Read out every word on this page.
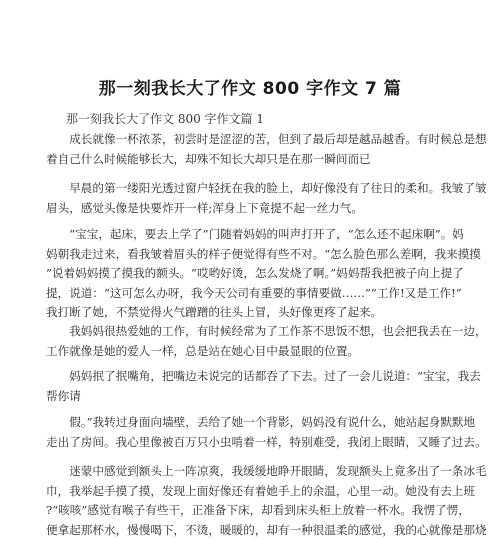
那一刻我长大了作文 800 字作文 7 篇
那一刻我长大了作文 800 字作文篇 1

　　成长就像一杯浓茶，初尝时是涩涩的苦，但到了最后却是越品越香。有时候总是想
着自己什么时候能够长大，却殊不知长大却只是在那一瞬间而已

　　早晨的第一缕阳光透过窗户轻抚在我的脸上，却好像没有了往日的柔和。我皱了皱
眉头，感觉头像是快要炸开一样;浑身上下竟提不起一丝力气。

　　“宝宝，起床，要去上学了”门随着妈妈的叫声打开了，“怎么还不起床啊”。妈
妈朝我走过来，看我皱着眉头的样子便觉得有些不对。“怎么脸色那么差啊，我来摸摸
”说着妈妈摸了摸我的额头。“哎哟好烫，怎么发烧了啊。”妈妈帮我把被子向上提了
提，说道：“这可怎么办呀，我今天公司有重要的事情要做……”“工作!又是工作!”
我打断了她，不禁觉得火气蹭蹭的往头上冒，头好像更疼了起来。

　　我妈妈很热爱她的工作，有时候经常为了工作茶不思饭不想，也会把我丢在一边，
工作就像是她的爱人一样，总是站在她心目中最显眼的位置。

　　妈妈抿了抿嘴角，把嘴边未说完的话都吞了下去。过了一会儿说道：“宝宝，我去
帮你请

　　假。”我转过身面向墙壁，丢给了她一个背影，妈妈没有说什么，她站起身默默地
走出了房间。我心里像被百万只小虫啃着一样，特别难受，我闭上眼睛，又睡了过去。

　　迷蒙中感觉到额头上一阵凉爽，我缓缓地睁开眼睛，发现额头上竟多出了一条冰毛
巾，我举起手摸了摸，发现上面好像还有着她手上的余温，心里一动。她没有去上班
?“咳咳”感觉有喉子有些干，正准备下床，却看到床头柜上放着一杯水。我愣了愣，
便拿起那杯水，慢慢喝下，不烫，暖暖的，却有一种很温柔的感觉，我的心就像是那烧
